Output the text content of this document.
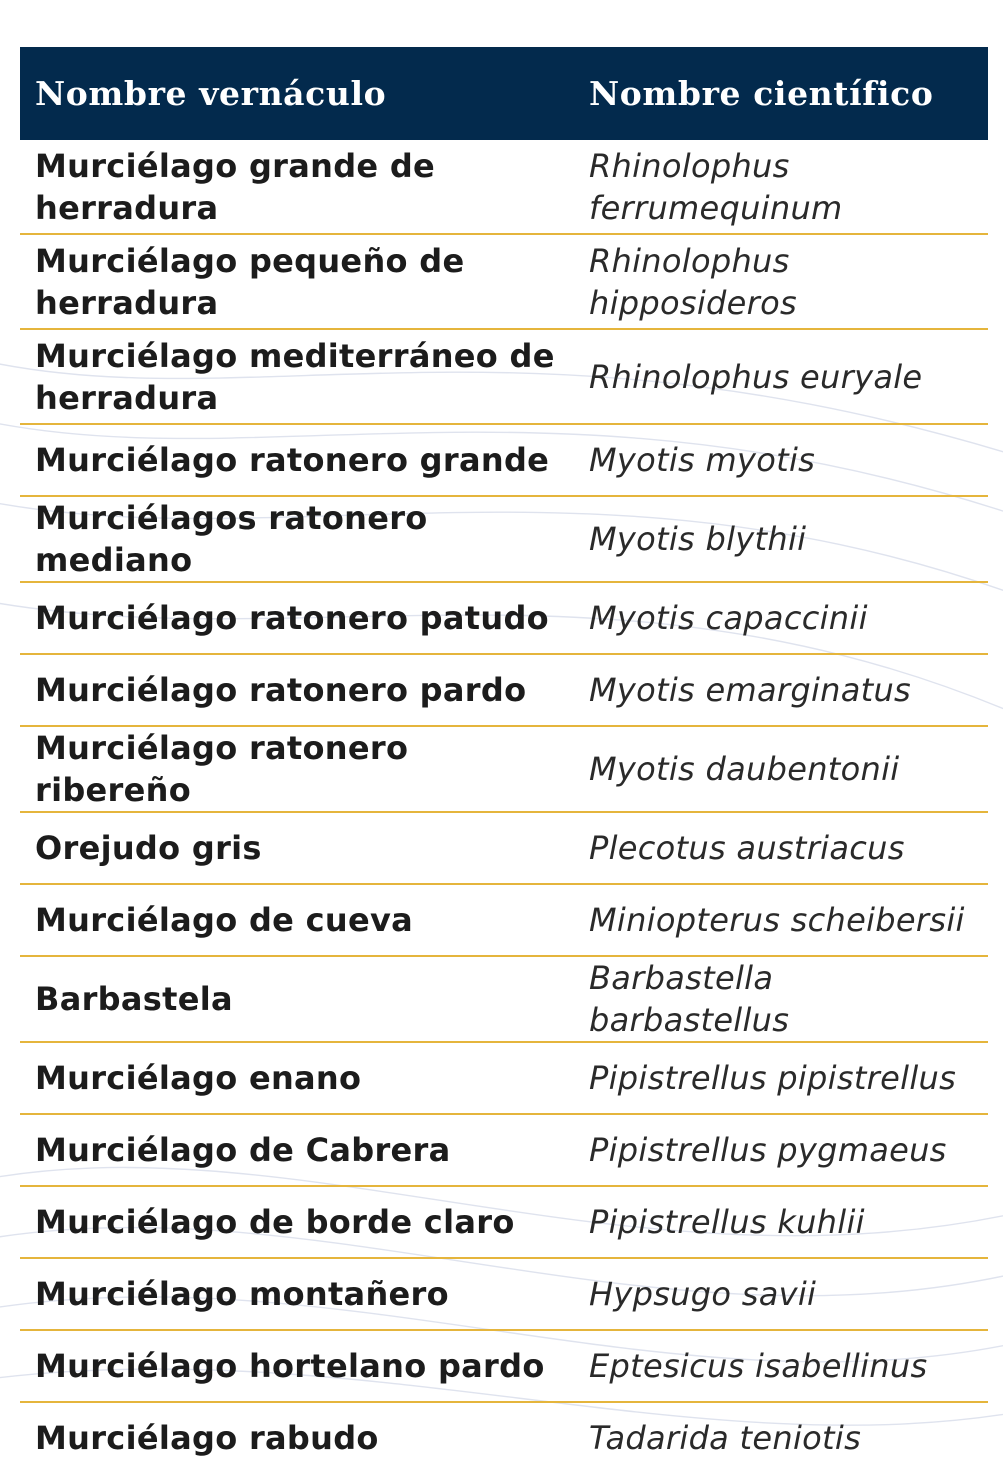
Nombre vernáculo	Nombre científico
Murciélago grande de herradura	Rhinolophus ferrumequinum
Murciélago pequeño de herradura	Rhinolophus hipposideros
Murciélago mediterráneo de herradura	Rhinolophus euryale
Murciélago ratonero grande	Myotis myotis
Murciélagos ratonero mediano	Myotis blythii
Murciélago ratonero patudo	Myotis capaccinii
Murciélago ratonero pardo	Myotis emarginatus
Murciélago ratonero ribereño	Myotis daubentonii
Orejudo gris	Plecotus austriacus
Murciélago de cueva	Miniopterus scheibersii
Barbastela	Barbastella barbastellus
Murciélago enano	Pipistrellus pipistrellus
Murciélago de Cabrera	Pipistrellus pygmaeus
Murciélago de borde claro	Pipistrellus kuhlii
Murciélago montañero	Hypsugo savii
Murciélago hortelano pardo	Eptesicus isabellinus
Murciélago rabudo	Tadarida teniotis
